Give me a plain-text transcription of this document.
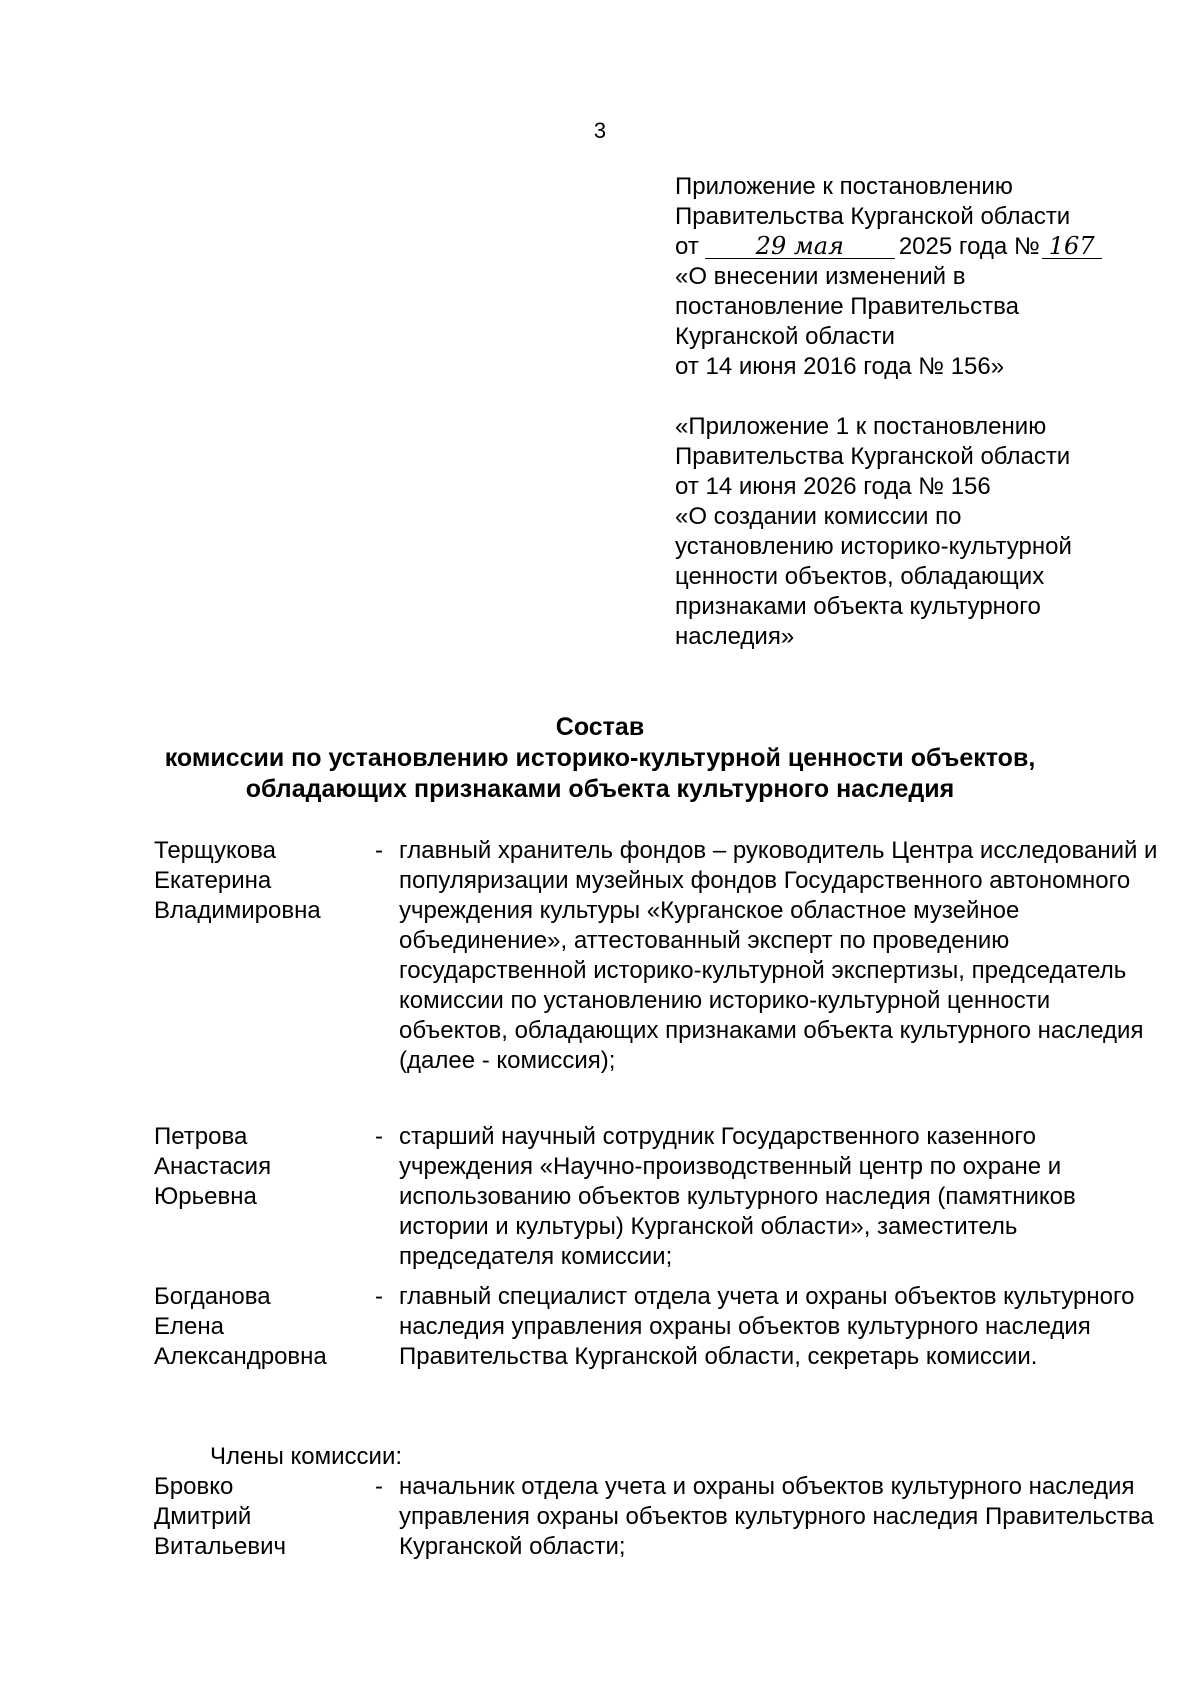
3
Приложение к постановлению
Правительства Курганской области
от 29 мая 2025 года № 167
«О внесении изменений в
постановление Правительства
Курганской области
от 14 июня 2016 года № 156»
«Приложение 1 к постановлению
Правительства Курганской области
от 14 июня 2026 года № 156
«О создании комиссии по
установлению историко-культурной
ценности объектов, обладающих
признаками объекта культурного
наследия»
Состав
комиссии по установлению историко-культурной ценности объектов,
обладающих признаками объекта культурного наследия
Терщукова
Екатерина
Владимировна
- главный хранитель фондов – руководитель Центра исследований и популяризации музейных фондов Государственного автономного учреждения культуры «Курганское областное музейное объединение», аттестованный эксперт по проведению государственной историко-культурной экспертизы, председатель комиссии по установлению историко-культурной ценности объектов, обладающих признаками объекта культурного наследия (далее - комиссия);
Петрова
Анастасия
Юрьевна
- старший научный сотрудник Государственного казенного учреждения «Научно-производственный центр по охране и использованию объектов культурного наследия (памятников истории и культуры) Курганской области», заместитель председателя комиссии;
Богданова
Елена
Александровна
- главный специалист отдела учета и охраны объектов культурного наследия управления охраны объектов культурного наследия Правительства Курганской области, секретарь комиссии.
Члены комиссии:
Бровко
Дмитрий
Витальевич
- начальник отдела учета и охраны объектов культурного наследия управления охраны объектов культурного наследия Правительства Курганской области;
